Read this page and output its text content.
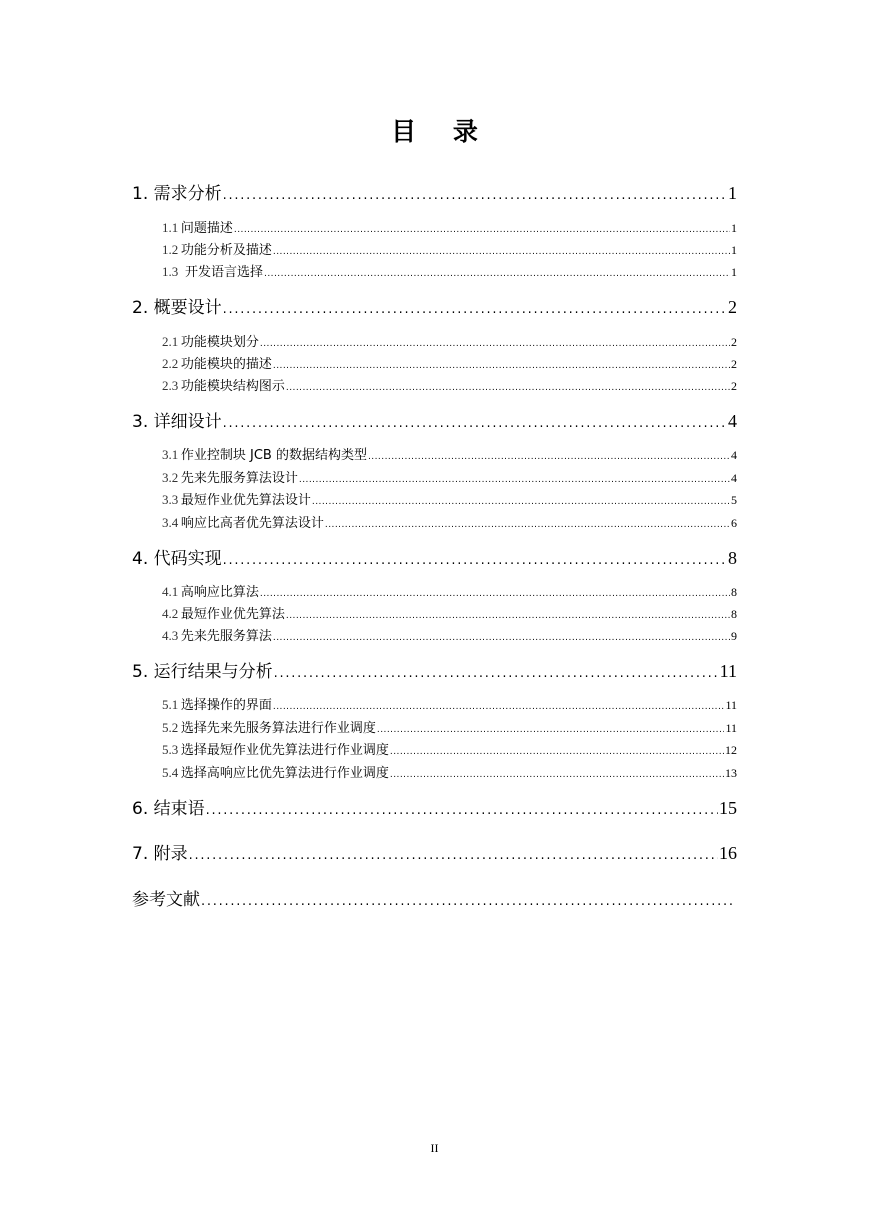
目 录
1. 需求分析 . . .	1
1.1  问题描述 . . .	1
1.2  功能分析及描述 . . .	1
1.3  开发语言选择 . . .	1
2. 概要设计 . . .	2
2.1  功能模块划分 . . .	2
2.2  功能模块的描述 . . .	2
2.3  功能模块结构图示 . . .	2
3. 详细设计 . . .	4
3.1  作业控制块 JCB 的数据结构类型 . . .	4
3.2  先来先服务算法设计 . . .	4
3.3  最短作业优先算法设计 . . .	5
3.4  响应比高者优先算法设计 . . .	6
4. 代码实现 . . .	8
4.1  高响应比算法 . . .	8
4.2  最短作业优先算法 . . .	8
4.3  先来先服务算法 . . .	9
5. 运行结果与分析 . . .	11
5.1  选择操作的界面 . . .	11
5.2  选择先来先服务算法进行作业调度 . . .	11
5.3  选择最短作业优先算法进行作业调度 . . .	12
5.4  选择高响应比优先算法进行作业调度 . . .	13
6. 结束语 . . .	15
7. 附录 . . .	16
参考文献
. . .
II
